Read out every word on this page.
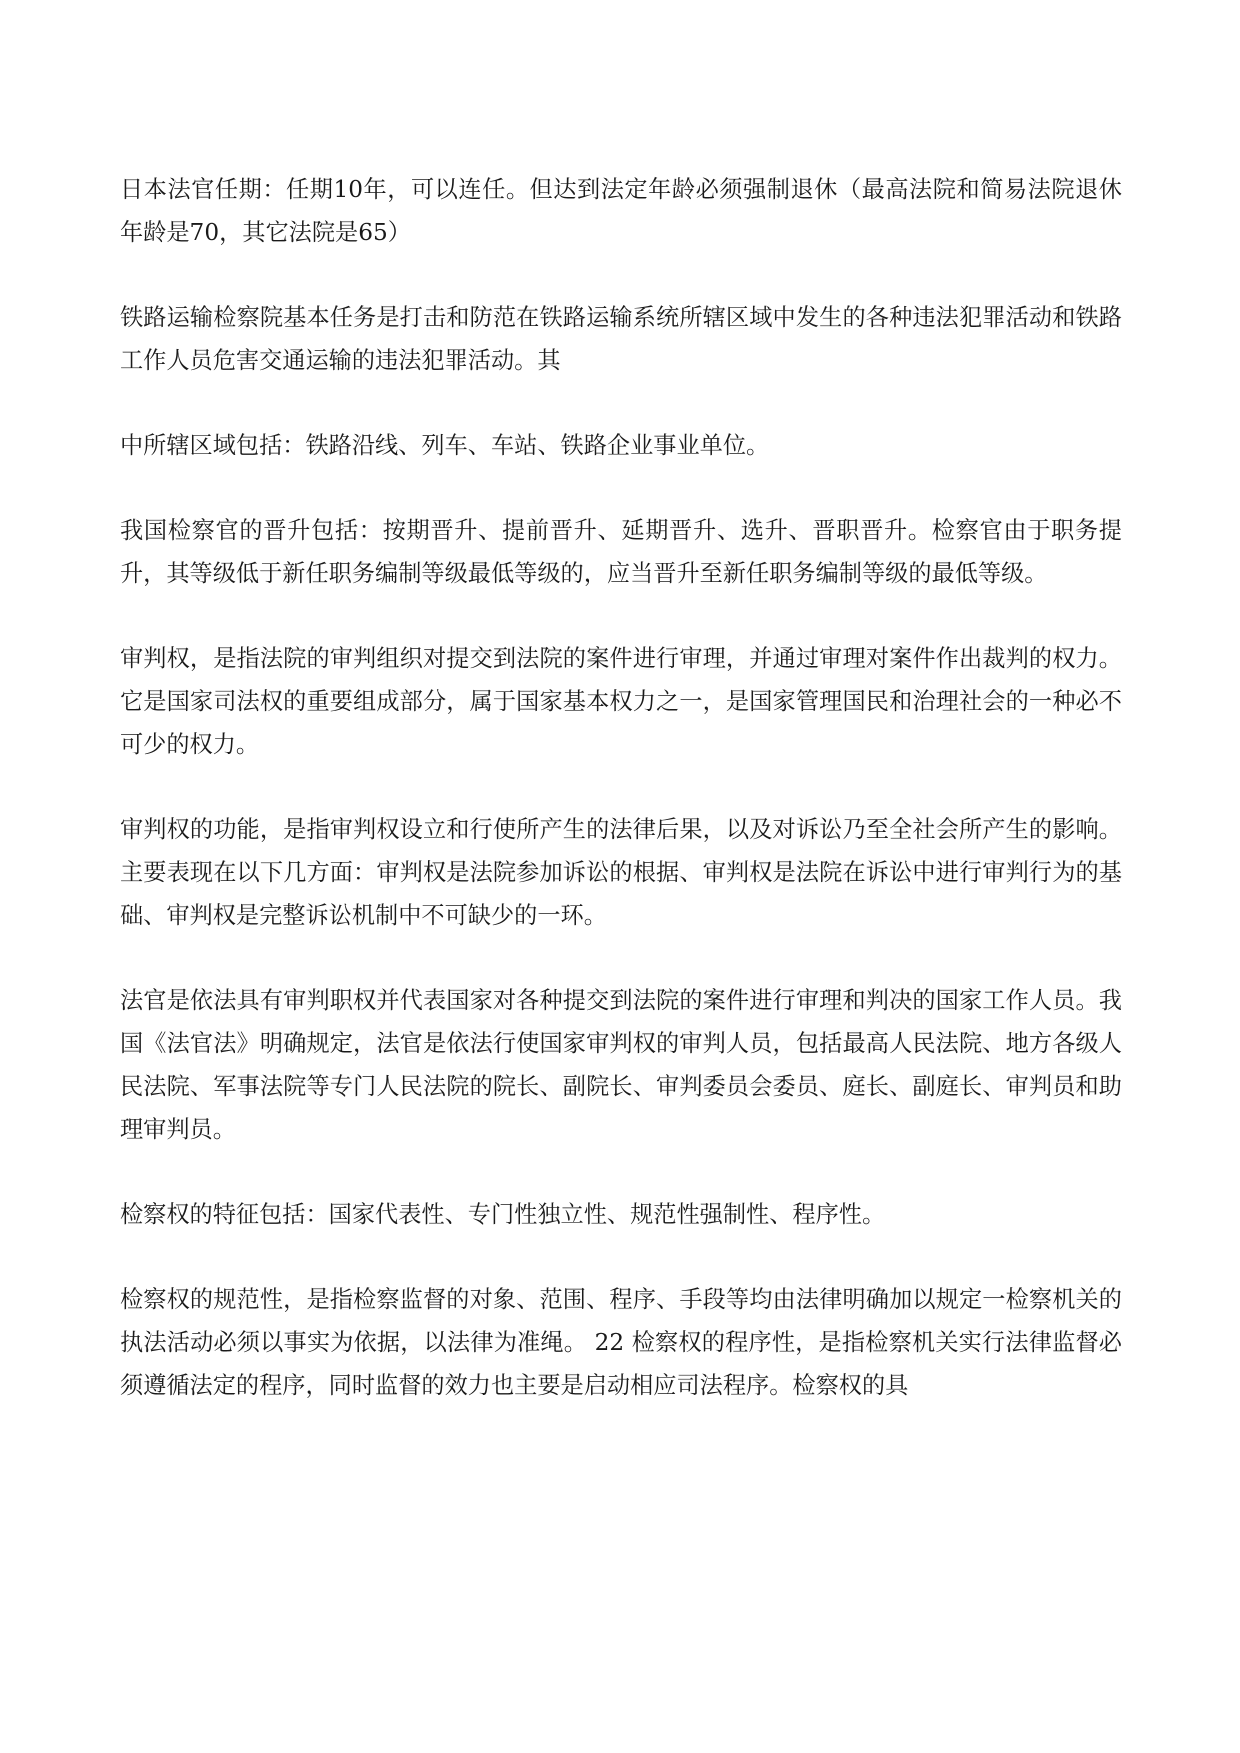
日本法官任期：任期10年，可以连任。但达到法定年龄必须强制退休（最高法院和简易法院退休年龄是70，其它法院是65）

铁路运输检察院基本任务是打击和防范在铁路运输系统所辖区域中发生的各种违法犯罪活动和铁路工作人员危害交通运输的违法犯罪活动。其

中所辖区域包括：铁路沿线、列车、车站、铁路企业事业单位。

我国检察官的晋升包括：按期晋升、提前晋升、延期晋升、选升、晋职晋升。检察官由于职务提升，其等级低于新任职务编制等级最低等级的，应当晋升至新任职务编制等级的最低等级。

审判权，是指法院的审判组织对提交到法院的案件进行审理，并通过审理对案件作出裁判的权力。它是国家司法权的重要组成部分，属于国家基本权力之一，是国家管理国民和治理社会的一种必不可少的权力。

审判权的功能，是指审判权设立和行使所产生的法律后果，以及对诉讼乃至全社会所产生的影响。主要表现在以下几方面：审判权是法院参加诉讼的根据、审判权是法院在诉讼中进行审判行为的基础、审判权是完整诉讼机制中不可缺少的一环。

法官是依法具有审判职权并代表国家对各种提交到法院的案件进行审理和判决的国家工作人员。我国《法官法》明确规定，法官是依法行使国家审判权的审判人员，包括最高人民法院、地方各级人民法院、军事法院等专门人民法院的院长、副院长、审判委员会委员、庭长、副庭长、审判员和助理审判员。

检察权的特征包括：国家代表性、专门性独立性、规范性强制性、程序性。

检察权的规范性，是指检察监督的对象、范围、程序、手段等均由法律明确加以规定一检察机关的执法活动必须以事实为依据，以法律为准绳。 22 检察权的程序性，是指检察机关实行法律监督必须遵循法定的程序，同时监督的效力也主要是启动相应司法程序。检察权的具
